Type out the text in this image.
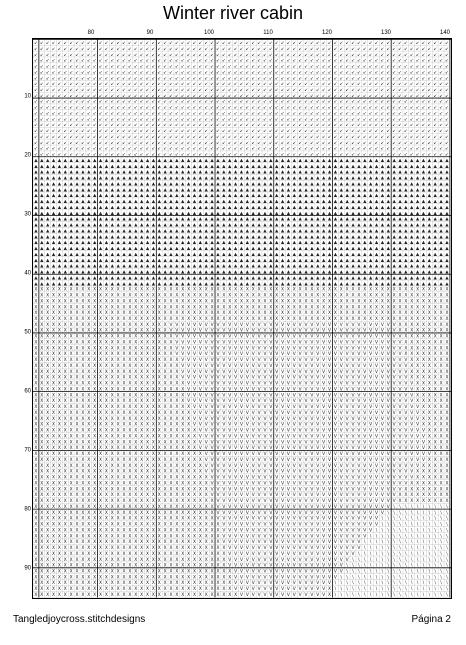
Winter river cabin
80	90	100	110	120	130	140
10
20
30
40
50
60
70
80
90
↙ ↙ ↙ ↙ ↙ ↙ ↙ ↙ ↙ ↙ ↙ ↙ ↙ ↙ ↙ ↙ ↙ ↙ ↙ ↙ ↙ ↙ ↙ ↙ ↙ ↙ ↙ ↙ ↙ ↙ ↙ ↙ ↙ ↙ ↙ ↙ ↙ ↙ ↙ ↙ ↙ ↙ ↙ ↙ ↙ ↙ ↙ ↙ ↙ ↙ ↙ ↙ ↙ ↙ ↙ ↙ ↙ ↙ ↙ ↙ ↙ ↙ ↙ ↙ ↙ ↙ ↙ ↙ ↙ ↙ ↙
↙ ↙ ↙ ↙ ↙ ↙ ↙ ↙ ↙ ↙ ↙ ↙ ↙ ↙ ↙ ↙ ↙ ↙ ↙ ↙ ↙ ↙ ↙ ↙ ↙ ↙ ↙ ↙ ↙ ↙ ↙ ↙ ↙ ↙ ↙ ↙ ↙ ↙ ↙ ↙ ↙ ↙ ↙ ↙ ↙ ↙ ↙ ↙ ↙ ↙ ↙ ↙ ↙ ↙ ↙ ↙ ↙ ↙ ↙ ↙ ↙ ↙ ↙ ↙ ↙ ↙ ↙ ↙ ↙ ↙ ↙
↙ ↙ ↙ ↙ ↙ ↙ ↙ ↙ ↙ ↙ ↙ ↙ ↙ ↙ ↙ ↙ ↙ ↙ ↙ ↙ ↙ ↙ ↙ ↙ ↙ ↙ ↙ ↙ ↙ ↙ ↙ ↙ ↙ ↙ ↙ ↙ ↙ ↙ ↙ ↙ ↙ ↙ ↙ ↙ ↙ ↙ ↙ ↙ ↙ ↙ ↙ ↙ ↙ ↙ ↙ ↙ ↙ ↙ ↙ ↙ ↙ ↙ ↙ ↙ ↙ ↙ ↙ ↙ ↙ ↙ ↙
↙ ↙ ↙ ↙ ↙ ↙ ↙ ↙ ↙ ↙ ↙ ↙ ↙ ↙ ↙ ↙ ↙ ↙ ↙ ↙ ↙ ↙ ↙ ↙ ↙ ↙ ↙ ↙ ↙ ↙ ↙ ↙ ↙ ↙ ↙ ↙ ↙ ↙ ↙ ↙ ↙ ↙ ↙ ↙ ↙ ↙ ↙ ↙ ↙ ↙ ↙ ↙ ↙ ↙ ↙ ↙ ↙ ↙ ↙ ↙ ↙ ↙ ↙ ↙ ↙ ↙ ↙ ↙ ↙ ↙ ↙
↙ ↙ ↙ ↙ ↙ ↙ ↙ ↙ ↙ ↙ ↙ ↙ ↙ ↙ ↙ ↙ ↙ ↙ ↙ ↙ ↙ ↙ ↙ ↙ ↙ ↙ ↙ ↙ ↙ ↙ ↙ ↙ ↙ ↙ ↙ ↙ ↙ ↙ ↙ ↙ ↙ ↙ ↙ ↙ ↙ ↙ ↙ ↙ ↙ ↙ ↙ ↙ ↙ ↙ ↙ ↙ ↙ ↙ ↙ ↙ ↙ ↙ ↙ ↙ ↙ ↙ ↙ ↙ ↙ ↙ ↙
↙ ↙ ↙ ↙ ↙ ↙ ↙ ↙ ↙ ↙ ↙ ↙ ↙ ↙ ↙ ↙ ↙ ↙ ↙ ↙ ↙ ↙ ↙ ↙ ↙ ↙ ↙ ↙ ↙ ↙ ↙ ↙ ↙ ↙ ↙ ↙ ↙ ↙ ↙ ↙ ↙ ↙ ↙ ↙ ↙ ↙ ↙ ↙ ↙ ↙ ↙ ↙ ↙ ↙ ↙ ↙ ↙ ↙ ↙ ↙ ↙ ↙ ↙ ↙ ↙ ↙ ↙ ↙ ↙ ↙ ↙
↙ ↙ ↙ ↙ ↙ ↙ ↙ ↙ ↙ ↙ ↙ ↙ ↙ ↙ ↙ ↙ ↙ ↙ ↙ ↙ ↙ ↙ ↙ ↙ ↙ ↙ ↙ ↙ ↙ ↙ ↙ ↙ ↙ ↙ ↙ ↙ ↙ ↙ ↙ ↙ ↙ ↙ ↙ ↙ ↙ ↙ ↙ ↙ ↙ ↙ ↙ ↙ ↙ ↙ ↙ ↙ ↙ ↙ ↙ ↙ ↙ ↙ ↙ ↙ ↙ ↙ ↙ ↙ ↙ ↙ ↙
↙ ↙ ↙ ↙ ↙ ↙ ↙ ↙ ↙ ↙ ↙ ↙ ↙ ↙ ↙ ↙ ↙ ↙ ↙ ↙ ↙ ↙ ↙ ↙ ↙ ↙ ↙ ↙ ↙ ↙ ↙ ↙ ↙ ↙ ↙ ↙ ↙ ↙ ↙ ↙ ↙ ↙ ↙ ↙ ↙ ↙ ↙ ↙ ↙ ↙ ↙ ↙ ↙ ↙ ↙ ↙ ↙ ↙ ↙ ↙ ↙ ↙ ↙ ↙ ↙ ↙ ↙ ↙ ↙ ↙ ↙
↙ ↙ ↙ ↙ ↙ ↙ ↙ ↙ ↙ ↙ ↙ ↙ ↙ ↙ ↙ ↙ ↙ ↙ ↙ ↙ ↙ ↙ ↙ ↙ ↙ ↙ ↙ ↙ ↙ ↙ ↙ ↙ ↙ ↙ ↙ ↙ ↙ ↙ ↙ ↙ ↙ ↙ ↙ ↙ ↙ ↙ ↙ ↙ ↙ ↙ ↙ ↙ ↙ ↙ ↙ ↙ ↙ ↙ ↙ ↙ ↙ ↙ ↙ ↙ ↙ ↙ ↙ ↙ ↙ ↙ ↙
↙ ↙ ↙ ↙ ↙ ↙ ↙ ↙ ↙ ↙ ↙ ↙ ↙ ↙ ↙ ↙ ↙ ↙ ↙ ↙ ↙ ↙ ↙ ↙ ↙ ↙ ↙ ↙ ↙ ↙ ↙ ↙ ↙ ↙ ↙ ↙ ↙ ↙ ↙ ↙ ↙ ↙ ↙ ↙ ↙ ↙ ↙ ↙ ↙ ↙ ↙ ↙ ↙ ↙ ↙ ↙ ↙ ↙ ↙ ↙ ↙ ↙ ↙ ↙ ↙ ↙ ↙ ↙ ↙ ↙ ↙
↙ ↙ ↙ ↙ ↙ ↙ ↙ ↙ ↙ ↙ ↙ ↙ ↙ ↙ ↙ ↙ ↙ ↙ ↙ ↙ ↙ ↙ ↙ ↙ ↙ ↙ ↙ ↙ ↙ ↙ ↙ ↙ ↙ ↙ ↙ ↙ ↙ ↙ ↙ ↙ ↙ ↙ ↙ ↙ ↙ ↙ ↙ ↙ ↙ ↙ ↙ ↙ ↙ ↙ ↙ ↙ ↙ ↙ ↙ ↙ ↙ ↙ ↙ ↙ ↙ ↙ ↙ ↙ ↙ ↙ ↙
↙ ↙ ↙ ↙ ↙ ↙ ↙ ↙ ↙ ↙ ↙ ↙ ↙ ↙ ↙ ↙ ↙ ↙ ↙ ↙ ↙ ↙ ↙ ↙ ↙ ↙ ↙ ↙ ↙ ↙ ↙ ↙ ↙ ↙ ↙ ↙ ↙ ↙ ↙ ↙ ↙ ↙ ↙ ↙ ↙ ↙ ↙ ↙ ↙ ↙ ↙ ↙ ↙ ↙ ↙ ↙ ↙ ↙ ↙ ↙ ↙ ↙ ↙ ↙ ↙ ↙ ↙ ↙ ↙ ↙ ↙
↙ ↙ ↙ ↙ ↙ ↙ ↙ ↙ ↙ ↙ ↙ ↙ ↙ ↙ ↙ ↙ ↙ ↙ ↙ ↙ ↙ ↙ ↙ ↙ ↙ ↙ ↙ ↙ ↙ ↙ ↙ ↙ ↙ ↙ ↙ ↙ ↙ ↙ ↙ ↙ ↙ ↙ ↙ ↙ ↙ ↙ ↙ ↙ ↙ ↙ ↙ ↙ ↙ ↙ ↙ ↙ ↙ ↙ ↙ ↙ ↙ ↙ ↙ ↙ ↙ ↙ ↙ ↙ ↙ ↙ ↙
↙ ↙ ↙ ↙ ↙ ↙ ↙ ↙ ↙ ↙ ↙ ↙ ↙ ↙ ↙ ↙ ↙ ↙ ↙ ↙ ↙ ↙ ↙ ↙ ↙ ↙ ↙ ↙ ↙ ↙ ↙ ↙ ↙ ↙ ↙ ↙ ↙ ↙ ↙ ↙ ↙ ↙ ↙ ↙ ↙ ↙ ↙ ↙ ↙ ↙ ↙ ↙ ↙ ↙ ↙ ↙ ↙ ↙ ↙ ↙ ↙ ↙ ↙ ↙ ↙ ↙ ↙ ↙ ↙ ↙ ↙
↙ ↙ ↙ ↙ ↙ ↙ ↙ ↙ ↙ ↙ ↙ ↙ ↙ ↙ ↙ ↙ ↙ ↙ ↙ ↙ ↙ ↙ ↙ ↙ ↙ ↙ ↙ ↙ ↙ ↙ ↙ ↙ ↙ ↙ ↙ ↙ ↙ ↙ ↙ ↙ ↙ ↙ ↙ ↙ ↙ ↙ ↙ ↙ ↙ ↙ ↙ ↙ ↙ ↙ ↙ ↙ ↙ ↙ ↙ ↙ ↙ ↙ ↙ ↙ ↙ ↙ ↙ ↙ ↙ ↙ ↙
↙ ↙ ↙ ↙ ↙ ↙ ↙ ↙ ↙ ↙ ↙ ↙ ↙ ↙ ↙ ↙ ↙ ↙ ↙ ↙ ↙ ↙ ↙ ↙ ↙ ↙ ↙ ↙ ↙ ↙ ↙ ↙ ↙ ↙ ↙ ↙ ↙ ↙ ↙ ↙ ↙ ↙ ↙ ↙ ↙ ↙ ↙ ↙ ↙ ↙ ↙ ↙ ↙ ↙ ↙ ↙ ↙ ↙ ↙ ↙ ↙ ↙ ↙ ↙ ↙ ↙ ↙ ↙ ↙ ↙ ↙
↙ ↙ ↙ ↙ ↙ ↙ ↙ ↙ ↙ ↙ ↙ ↙ ↙ ↙ ↙ ↙ ↙ ↙ ↙ ↙ ↙ ↙ ↙ ↙ ↙ ↙ ↙ ↙ ↙ ↙ ↙ ↙ ↙ ↙ ↙ ↙ ↙ ↙ ↙ ↙ ↙ ↙ ↙ ↙ ↙ ↙ ↙ ↙ ↙ ↙ ↙ ↙ ↙ ↙ ↙ ↙ ↙ ↙ ↙ ↙ ↙ ↙ ↙ ↙ ↙ ↙ ↙ ↙ ↙ ↙ ↙
↙ ↙ ↙ ↙ ↙ ↙ ↙ ↙ ↙ ↙ ↙ ↙ ↙ ↙ ↙ ↙ ↙ ↙ ↙ ↙ ↙ ↙ ↙ ↙ ↙ ↙ ↙ ↙ ↙ ↙ ↙ ↙ ↙ ↙ ↙ ↙ ↙ ↙ ↙ ↙ ↙ ↙ ↙ ↙ ↙ ↙ ↙ ↙ ↙ ↙ ↙ ↙ ↙ ↙ ↙ ↙ ↙ ↙ ↙ ↙ ↙ ↙ ↙ ↙ ↙ ↙ ↙ ↙ ↙ ↙ ↙
↙ ↙ ↙ ↙ ↙ ↙ ↙ ↙ ↙ ↙ ↙ ↙ ↙ ↙ ↙ ↙ ↙ ↙ ↙ ↙ ↙ ↙ ↙ ↙ ↙ ↙ ↙ ↙ ↙ ↙ ↙ ↙ ↙ ↙ ↙ ↙ ↙ ↙ ↙ ↙ ↙ ↙ ↙ ↙ ↙ ↙ ↙ ↙ ↙ ↙ ↙ ↙ ↙ ↙ ↙ ↙ ↙ ↙ ↙ ↙ ↙ ↙ ↙ ↙ ↙ ↙ ↙ ↙ ↙ ↙ ↙
↙ ↙ ↙ ↙ ↙ ↙ ↙ ↙ ↙ ↙ ↙ ↙ ↙ ↙ ↙ ↙ ↙ ↙ ↙ ↙ ↙ ↙ ↙ ↙ ↙ ↙ ↙ ↙ ↙ ↙ ↙ ↙ ↙ ↙ ↙ ↙ ↙ ↙ ↙ ↙ ↙ ↙ ↙ ↙ ↙ ↙ ↙ ↙ ↙ ↙ ↙ ↙ ↙ ↙ ↙ ↙ ↙ ↙ ↙ ↙ ↙ ↙ ↙ ↙ ↙ ↙ ↙ ↙ ↙ ↙ ↙
▲ ▲ ▲ ▲ ▲ ▲ ▲ ▲ ▲ ▲ ▲ ▲ ▲ ▲ ▲ ▲ ▲ ▲ ▲ ▲ ▲ ▲ ▲ ▲ ▲ ▲ ▲ ▲ ▲ ▲ ▲ ▲ ▲ ▲ ▲ ▲ ▲ ▲ ▲ ▲ ▲ ▲ ▲ ▲ ▲ ▲ ▲ ▲ ▲ ▲ ▲ ▲ ▲ ▲ ▲ ▲ ▲ ▲ ▲ ▲ ▲ ▲ ▲ ▲ ▲ ▲ ▲ ▲ ▲ ▲ ▲
▲ ▲ ▲ ▲ ▲ ▲ ▲ ▲ ▲ ▲ ▲ ▲ ▲ ▲ ▲ ▲ ▲ ▲ ▲ ▲ ▲ ▲ ▲ ▲ ▲ ▲ ▲ ▲ ▲ ▲ ▲ ▲ ▲ ▲ ▲ ▲ ▲ ▲ ▲ ▲ ▲ ▲ ▲ ▲ ▲ ▲ ▲ ▲ ▲ ▲ ▲ ▲ ▲ ▲ ▲ ▲ ▲ ▲ ▲ ▲ ▲ ▲ ▲ ▲ ▲ ▲ ▲ ▲ ▲ ▲ ▲
▲ ▲ ▲ ▲ ▲ ▲ ▲ ▲ ▲ ▲ ▲ ▲ ▲ ▲ ▲ ▲ ▲ ▲ ▲ ▲ ▲ ▲ ▲ ▲ ▲ ▲ ▲ ▲ ▲ ▲ ▲ ▲ ▲ ▲ ▲ ▲ ▲ ▲ ▲ ▲ ▲ ▲ ▲ ▲ ▲ ▲ ▲ ▲ ▲ ▲ ▲ ▲ ▲ ▲ ▲ ▲ ▲ ▲ ▲ ▲ ▲ ▲ ▲ ▲ ▲ ▲ ▲ ▲ ▲ ▲ ▲
▲ ▲ ▲ ▲ ▲ ▲ ▲ ▲ ▲ ▲ ▲ ▲ ▲ ▲ ▲ ▲ ▲ ▲ ▲ ▲ ▲ ▲ ▲ ▲ ▲ ▲ ▲ ▲ ▲ ▲ ▲ ▲ ▲ ▲ ▲ ▲ ▲ ▲ ▲ ▲ ▲ ▲ ▲ ▲ ▲ ▲ ▲ ▲ ▲ ▲ ▲ ▲ ▲ ▲ ▲ ▲ ▲ ▲ ▲ ▲ ▲ ▲ ▲ ▲ ▲ ▲ ▲ ▲ ▲ ▲ ▲
▲ ▲ ▲ ▲ ▲ ▲ ▲ ▲ ▲ ▲ ▲ ▲ ▲ ▲ ▲ ▲ ▲ ▲ ▲ ▲ ▲ ▲ ▲ ▲ ▲ ▲ ▲ ▲ ▲ ▲ ▲ ▲ ▲ ▲ ▲ ▲ ▲ ▲ ▲ ▲ ▲ ▲ ▲ ▲ ▲ ▲ ▲ ▲ ▲ ▲ ▲ ▲ ▲ ▲ ▲ ▲ ▲ ▲ ▲ ▲ ▲ ▲ ▲ ▲ ▲ ▲ ▲ ▲ ▲ ▲ ▲
▲ ▲ ▲ ▲ ▲ ▲ ▲ ▲ ▲ ▲ ▲ ▲ ▲ ▲ ▲ ▲ ▲ ▲ ▲ ▲ ▲ ▲ ▲ ▲ ▲ ▲ ▲ ▲ ▲ ▲ ▲ ▲ ▲ ▲ ▲ ▲ ▲ ▲ ▲ ▲ ▲ ▲ ▲ ▲ ▲ ▲ ▲ ▲ ▲ ▲ ▲ ▲ ▲ ▲ ▲ ▲ ▲ ▲ ▲ ▲ ▲ ▲ ▲ ▲ ▲ ▲ ▲ ▲ ▲ ▲ ▲
▲ ▲ ▲ ▲ ▲ ▲ ▲ ▲ ▲ ▲ ▲ ▲ ▲ ▲ ▲ ▲ ▲ ▲ ▲ ▲ ▲ ▲ ▲ ▲ ▲ ▲ ▲ ▲ ▲ ▲ ▲ ▲ ▲ ▲ ▲ ▲ ▲ ▲ ▲ ▲ ▲ ▲ ▲ ▲ ▲ ▲ ▲ ▲ ▲ ▲ ▲ ▲ ▲ ▲ ▲ ▲ ▲ ▲ ▲ ▲ ▲ ▲ ▲ ▲ ▲ ▲ ▲ ▲ ▲ ▲ ▲
▲ ▲ ▲ ▲ ▲ ▲ ▲ ▲ ▲ ▲ ▲ ▲ ▲ ▲ ▲ ▲ ▲ ▲ ▲ ▲ ▲ ▲ ▲ ▲ ▲ ▲ ▲ ▲ ▲ ▲ ▲ ▲ ▲ ▲ ▲ ▲ ▲ ▲ ▲ ▲ ▲ ▲ ▲ ▲ ▲ ▲ ▲ ▲ ▲ ▲ ▲ ▲ ▲ ▲ ▲ ▲ ▲ ▲ ▲ ▲ ▲ ▲ ▲ ▲ ▲ ▲ ▲ ▲ ▲ ▲ ▲
▲ ▲ ▲ ▲ ▲ ▲ ▲ ▲ ▲ ▲ ▲ ▲ ▲ ▲ ▲ ▲ ▲ ▲ ▲ ▲ ▲ ▲ ▲ ▲ ▲ ▲ ▲ ▲ ▲ ▲ ▲ ▲ ▲ ▲ ▲ ▲ ▲ ▲ ▲ ▲ ▲ ▲ ▲ ▲ ▲ ▲ ▲ ▲ ▲ ▲ ▲ ▲ ▲ ▲ ▲ ▲ ▲ ▲ ▲ ▲ ▲ ▲ ▲ ▲ ▲ ▲ ▲ ▲ ▲ ▲ ▲
▲ ▲ ▲ ▲ ▲ ▲ ▲ ▲ ▲ ▲ ▲ ▲ ▲ ▲ ▲ ▲ ▲ ▲ ▲ ▲ ▲ ▲ ▲ ▲ ▲ ▲ ▲ ▲ ▲ ▲ ▲ ▲ ▲ ▲ ▲ ▲ ▲ ▲ ▲ ▲ ▲ ▲ ▲ ▲ ▲ ▲ ▲ ▲ ▲ ▲ ▲ ▲ ▲ ▲ ▲ ▲ ▲ ▲ ▲ ▲ ▲ ▲ ▲ ▲ ▲ ▲ ▲ ▲ ▲ ▲ ▲
▲ ▲ ▲ ▲ ▲ ▲ ▲ ▲ ▲ ▲ ▲ ▲ ▲ ▲ ▲ ▲ ▲ ▲ ▲ ▲ ▲ ▲ ▲ ▲ ▲ ▲ ▲ ▲ ▲ ▲ ▲ ▲ ▲ ▲ ▲ ▲ ▲ ▲ ▲ ▲ ▲ ▲ ▲ ▲ ▲ ▲ ▲ ▲ ▲ ▲ ▲ ▲ ▲ ▲ ▲ ▲ ▲ ▲ ▲ ▲ ▲ ▲ ▲ ▲ ▲ ▲ ▲ ▲ ▲ ▲ ▲
▲ ▲ ▲ ▲ ▲ ▲ ▲ ▲ ▲ ▲ ▲ ▲ ▲ ▲ ▲ ▲ ▲ ▲ ▲ ▲ ▲ ▲ ▲ ▲ ▲ ▲ ▲ ▲ ▲ ▲ ▲ ▲ ▲ ▲ ▲ ▲ ▲ ▲ ▲ ▲ ▲ ▲ ▲ ▲ ▲ ▲ ▲ ▲ ▲ ▲ ▲ ▲ ▲ ▲ ▲ ▲ ▲ ▲ ▲ ▲ ▲ ▲ ▲ ▲ ▲ ▲ ▲ ▲ ▲ ▲ ▲
▲ ▲ ▲ ▲ ▲ ▲ ▲ ▲ ▲ ▲ ▲ ▲ ▲ ▲ ▲ ▲ ▲ ▲ ▲ ▲ ▲ ▲ ▲ ▲ ▲ ▲ ▲ ▲ ▲ ▲ ▲ ▲ ▲ ▲ ▲ ▲ ▲ ▲ ▲ ▲ ▲ ▲ ▲ ▲ ▲ ▲ ▲ ▲ ▲ ▲ ▲ ▲ ▲ ▲ ▲ ▲ ▲ ▲ ▲ ▲ ▲ ▲ ▲ ▲ ▲ ▲ ▲ ▲ ▲ ▲ ▲
▲ ▲ ▲ ▲ ▲ ▲ ▲ ▲ ▲ ▲ ▲ ▲ ▲ ▲ ▲ ▲ ▲ ▲ ▲ ▲ ▲ ▲ ▲ ▲ ▲ ▲ ▲ ▲ ▲ ▲ ▲ ▲ ▲ ▲ ▲ ▲ ▲ ▲ ▲ ▲ ▲ ▲ ▲ ▲ ▲ ▲ ▲ ▲ ▲ ▲ ▲ ▲ ▲ ▲ ▲ ▲ ▲ ▲ ▲ ▲ ▲ ▲ ▲ ▲ ▲ ▲ ▲ ▲ ▲ ▲ ▲
▲ ▲ ▲ ▲ ▲ ▲ ▲ ▲ ▲ ▲ ▲ ▲ ▲ ▲ ▲ ▲ ▲ ▲ ▲ ▲ ▲ ▲ ▲ ▲ ▲ ▲ ▲ ▲ ▲ ▲ ▲ ▲ ▲ ▲ ▲ ▲ ▲ ▲ ▲ ▲ ▲ ▲ ▲ ▲ ▲ ▲ ▲ ▲ ▲ ▲ ▲ ▲ ▲ ▲ ▲ ▲ ▲ ▲ ▲ ▲ ▲ ▲ ▲ ▲ ▲ ▲ ▲ ▲ ▲ ▲ ▲
▲ ▲ ▲ ▲ ▲ ▲ ▲ ▲ ▲ ▲ ▲ ▲ ▲ ▲ ▲ ▲ ▲ ▲ ▲ ▲ ▲ ▲ ▲ ▲ ▲ ▲ ▲ ▲ ▲ ▲ ▲ ▲ ▲ ▲ ▲ ▲ ▲ ▲ ▲ ▲ ▲ ▲ ▲ ▲ ▲ ▲ ▲ ▲ ▲ ▲ ▲ ▲ ▲ ▲ ▲ ▲ ▲ ▲ ▲ ▲ ▲ ▲ ▲ ▲ ▲ ▲ ▲ ▲ ▲ ▲ ▲
▲ ▲ ▲ ▲ ▲ ▲ ▲ ▲ ▲ ▲ ▲ ▲ ▲ ▲ ▲ ▲ ▲ ▲ ▲ ▲ ▲ ▲ ▲ ▲ ▲ ▲ ▲ ▲ ▲ ▲ ▲ ▲ ▲ ▲ ▲ ▲ ▲ ▲ ▲ ▲ ▲ ▲ ▲ ▲ ▲ ▲ ▲ ▲ ▲ ▲ ▲ ▲ ▲ ▲ ▲ ▲ ▲ ▲ ▲ ▲ ▲ ▲ ▲ ▲ ▲ ▲ ▲ ▲ ▲ ▲ ▲
▲ ▲ ▲ ▲ ▲ ▲ ▲ ▲ ▲ ▲ ▲ ▲ ▲ ▲ ▲ ▲ ▲ ▲ ▲ ▲ ▲ ▲ ▲ ▲ ▲ ▲ ▲ ▲ ▲ ▲ ▲ ▲ ▲ ▲ ▲ ▲ ▲ ▲ ▲ ▲ ▲ ▲ ▲ ▲ ▲ ▲ ▲ ▲ ▲ ▲ ▲ ▲ ▲ ▲ ▲ ▲ ▲ ▲ ▲ ▲ ▲ ▲ ▲ ▲ ▲ ▲ ▲ ▲ ▲ ▲ ▲
▲ ▲ ▲ ▲ ▲ ▲ ▲ ▲ ▲ ▲ ▲ ▲ ▲ ▲ ▲ ▲ ▲ ▲ ▲ ▲ ▲ ▲ ▲ ▲ ▲ ▲ ▲ ▲ ▲ ▲ ▲ ▲ ▲ ▲ ▲ ▲ ▲ ▲ ▲ ▲ ▲ ▲ ▲ ▲ ▲ ▲ ▲ ▲ ▲ ▲ ▲ ▲ ▲ ▲ ▲ ▲ ▲ ▲ ▲ ▲ ▲ ▲ ▲ ▲ ▲ ▲ ▲ ▲ ▲ ▲ ▲
▲ ▲ ▲ ▲ ▲ ▲ ▲ ▲ ▲ ▲ ▲ ▲ ▲ ▲ ▲ ▲ ▲ ▲ ▲ ▲ ▲ ▲ ▲ ▲ ▲ ▲ ▲ ▲ ▲ ▲ ▲ ▲ ▲ ▲ ▲ ▲ ▲ ▲ ▲ ▲ ▲ ▲ ▲ ▲ ▲ ▲ ▲ ▲ ▲ ▲ ▲ ▲ ▲ ▲ ▲ ▲ ▲ ▲ ▲ ▲ ▲ ▲ ▲ ▲ ▲ ▲ ▲ ▲ ▲ ▲ ▲
▲ ▲ ▲ ▲ ▲ ▲ ▲ ▲ ▲ ▲ ▲ ▲ ▲ ▲ ▲ ▲ ▲ ▲ ▲ ▲ ▲ ▲ ▲ ▲ ▲ ▲ ▲ ▲ ▲ ▲ ▲ ▲ ▲ ▲ ▲ ▲ ▲ ▲ ▲ ▲ ▲ ▲ ▲ ▲ ▲ ▲ ▲ ▲ ▲ ▲ ▲ ▲ ▲ ▲ ▲ ▲ ▲ ▲ ▲ ▲ ▲ ▲ ▲ ▲ ▲ ▲ ▲ ▲ ▲ ▲ ▲
▲ ▲ ▲ ▲ ▲ ▲ ▲ ▲ ▲ ▲ ▲ ▲ ▲ ▲ ▲ ▲ ▲ ▲ ▲ ▲ ▲ ▲ ▲ ▲ ▲ ▲ ▲ ▲ ▲ ▲ ▲ ▲ ▲ ▲ ▲ ▲ ▲ ▲ ▲ ▲ ▲ ▲ ▲ ▲ ▲ ▲ ▲ ▲ ▲ ▲ ▲ ▲ ▲ ▲ ▲ ▲ ▲ ▲ ▲ ▲ ▲ ▲ ▲ ▲ ▲ ▲ ▲ ▲ ▲ ▲ ▲
X X X X X X X X X X X X X X X X X X X X X X X X X X X X X X X X X X X X X X X X X X X X X X X X X X X X X X X X X X X X X X X X X X X X X X X
X X X X X X X X X X X X X X X X X X X X X X X X X X X X X X X X X X X X X X X X X X X X X X X X X X X X X X X X X X X X X X X X X X X X X X X
X X X X X X X X X X X X X X X X X X X X X X X X X X X X X X X X X X X X X X X X X X X X X X X X X X X X X X X X X X X X X X X X X X X X X X X
X X X X X X X X X X X X X X X X X X X X X X X X X X X X X X X X X X X X X X X X X X X X X X X X X X X X X X X X X X X X X X X X X X X X X X X
X X X X X X X X X X X X X X X X X X X X X X X X X X X X X X X X X X X X X X X X X X X X X X X X X X X X X X X X X X X X X X X X X X X X X X X
X X X X X X X X X X X X X X X X X X X X X X X X X X X X X X X X X X X X X X X X X X X X X X X X X X X X X X X X X X X X X X X X X X X X X X X
X X X X X X X X X X X X X X X X X X X X X X X V V V V V V V V V V V V V V V V V V V V V V V V V V V V V V V V V V V V V V V X X X X X X X X X
X X X X X X X X X X X X X X X X X X X X X X X V V V V V V V V V V V V V V V V V V V V V V V V V V V V V V V V V V V V V V V X X X X X X X X X
X X X X X X X X X X X X X X X X X X X X X X X X V V V V V V V V V V V V V V V V V V V V V V V V V V V V V V V V V V V V V V V X X X X X X X X
X X X X X X X X X X X X X X X X X X X X X X X X V V V V V V V V V V V V V V V V V V V V V V V V V V V V V V V V V V V V V V V X X X X X X X X
X X X X X X X X X X X X X X X X X X X X X X X X V V V V V V V V V V V V V V V V V V V V V V V V V V V V V V V V V V V V V V V X X X X X X X X
X X X X X X X X X X X X X X X X X X X X X X X X V V V V V V V V V V V V V V V V V V V V V V V V V V V V V V V V V V V V V V V X X X X X X X X
X X X X X X X X X X X X X X X X X X X X X X X X X V V V V V V V V V V V V V V V V V V V V V V V V V V V V V V V V V V V V V V V X X X X X X X
X X X X X X X X X X X X X X X X X X X X X X X X X V V V V V V V V V V V V V V V V V V V V V V V V V V V V V V V V V V V V V V V X X X X X X X
X X X X X X X X X X X X X X X X X X X X X X X X X V V V V V V V V V V V V V V V V V V V V V V V V V V V V V V V V V V V V V V V X X X X X X X
X X X X X X X X X X X X X X X X X X X X X X X X X V V V V V V V V V V V V V V V V V V V V V V V V V V V V V V V V V V V V V V V X X X X X X X
X X X X X X X X X X X X X X X X X X X X X X X X X X V V V V V V V V V V V V V V V V V V V V V V V V V V V V V V V V V V V V V V V X X X X X X
X X X X X X X X X X X X X X X X X X X X X X X X X X V V V V V V V V V V V V V V V V V V V V V V V V V V V V V V V V V V V V V V V X X X X X X
X X X X X X X X X X X X X X X X X X X X X X X X X X V V V V V V V V V V V V V V V V V V V V V V V V V V V V V V V V V V V V V V V X X X X X X
X X X X X X X X X X X X X X X X X X X X X X X X X X V V V V V V V V V V V V V V V V V V V V V V V V V V V V V V V V V V V V V V V X X X X X X
X X X X X X X X X X X X X X X X X X X X X X X X X X X V V V V V V V V V V V V V V V V V V V V V V V V V V V V V V V V V V V V V V V X X X X X
X X X X X X X X X X X X X X X X X X X X X X X X X X X V V V V V V V V V V V V V V V V V V V V V V V V V V V V V V V V V V V V V V V X X X X X
X X X X X X X X X X X X X X X X X X X X X X X X X X X V V V V V V V V V V V V V V V V V V V V V V V V V V V V V V V V V V V V V V V X X X X X
X X X X X X X X X X X X X X X X X X X X X X X X X X X V V V V V V V V V V V V V V V V V V V V V V V V V V V V V V V V V V V V V V V X X X X X
X X X X X X X X X X X X X X X X X X X X X X X X X X X X V V V V V V V V V V V V V V V V V V V V V V V V V V V V V V V V V V V V V V V X X X X
X X X X X X X X X X X X X X X X X X X X X X X X X X X X V V V V V V V V V V V V V V V V V V V V V V V V V V V V V V V V V V V V V V V X X X X
X X X X X X X X X X X X X X X X X X X X X X X X X X X X V V V V V V V V V V V V V V V V V V V V V V V V V V V V V V V V V V V V V V V X X X X
X X X X X X X X X X X X X X X X X X X X X X X X X X X X V V V V V V V V V V V V V V V V V V V V V V V V V V V V V V V V V V V V V V V X X X X
X X X X X X X X X X X X X X X X X X X X X X X X X X X X X V V V V V V V V V V V V V V V V V V V V V V V V V V V V V V V V V V V V V V V X X X
X X X X X X X X X X X X X X X X X X X X X X X X X X X X X V V V V V V V V V V V V V V V V V V V V V V V V V V V V V V V V V V V V V V X X X X
X X X X X X X X X X X X X X X X X X X X X X X X X X X X X V V V V V V V V V V V V V V V V V V V V V V V V V V V V V V V V V V V V V X X X X X
X X X X X X X X X X X X X X X X X X X X X X X X X X X X X V V V V V V V V V V V V V V V V V V V V V V V V V V V V V V V V V V V V X X X X X X
X X X X X X X X X X X X X X X X X X X X X X X X X X X X X X V V V V V V V V V V V V V V V V V V V V V V V V V V V V V V V V V V V X X X X X X
X X X X X X X X X X X X X X X X X X X X X X X X X X X X X X V V V V V V V V V V V V V V V V V V V V V V V V V V V V V V V V V V X X X X X X X
X X X X X X X X X X X X X X X X X X X X X X X X X X X X X X V V V V V V V V V V V V V V V V V V V V V V V V V V V V V V V V V X X X X X X X X
X X X X X X X X X X X X X X X X X X X X X X X X X X X X X X V V V V V V V V V V V V V V V V V V V V V V V V V V V V V V V V X X X X X X X X X
X X X X X X X X X X X X X X X X X X X X X X X X X X X X X X X V V V V V V V V V V V V V V V V V V V V V V V V V V V V V V V X X X X X X X X X
X X X X X X X X X X X X X X X X X X X X X X X X X X X X X X X V V V V V V V V V V V V V V V V V V V V V V V V V V V V V V \ \ \ \ \ \ \ \ \ \
X X X X X X X X X X X X X X X X X X X X X X X X X X X X X X X V V V V V V V V V V V V V V V V V V V V V V V V V V V V V \ \ \ \ \ \ \ \ \ \ \
X X X X X X X X X X X X X X X X X X X X X X X X X X X X X X X V V V V V V V V V V V V V V V V V V V V V V V V V V V V \ \ \ \ \ \ \ \ \ \ \ \
X X X X X X X X X X X X X X X X X X X X X X X X X X X X X X X X V V V V V V V V V V V V V V V V V V V V V V V V V V V \ \ \ \ \ \ \ \ \ \ \ \
X X X X X X X X X X X X X X X X X X X X X X X X X X X X X X X X V V V V V V V V V V V V V V V V V V V V V V V V V V \ \ \ \ \ \ \ \ \ \ \ \ \
X X X X X X X X X X X X X X X X X X X X X X X X X X X X X X X X V V V V V V V V V V V V V V V V V V V V V V V V V \ \ \ \ \ \ \ \ \ \ \ \ \ \
X X X X X X X X X X X X X X X X X X X X X X X X X X X X X X X X V V V V V V V V V V V V V V V V V V V V V V V V \ \ \ \ \ \ \ \ \ \ \ \ \ \ \
X X X X X X X X X X X X X X X X X X X X X X X X X X X X X X X X X V V V V V V V V V V V V V V V V V V V V V V V \ \ \ \ \ \ \ \ \ \ \ \ \ \ \
X X X X X X X X X X X X X X X X X X X X X X X X X X X X X X X X X V V V V V V V V V V V V V V V V V V V V V V \ \ \ \ \ \ \ \ \ \ \ \ \ \ \ \
X X X X X X X X X X X X X X X X X X X X X X X X X X X X X X X X X V V V V V V V V V V V V V V V V V V V V V \ \ \ \ \ \ \ \ \ \ \ \ \ \ \ \ \
X X X X X X X X X X X X X X X X X X X X X X X X X X X X X X X X X V V V V V V V V V V V V V V V V V V V V \ \ \ \ \ \ \ \ \ \ \ \ \ \ \ \ \ \
X X X X X X X X X X X X X X X X X X X X X X X X X X X X X X X X X X V V V V V V V V V V V V V V V V V V V \ \ \ \ \ \ \ \ \ \ \ \ \ \ \ \ \ \
X X X X X X X X X X X X X X X X X X X X X X X X X X X X X X X X X X V V V V V V V V V V V V V V V V V V \ \ \ \ \ \ \ \ \ \ \ \ \ \ \ \ \ \ \
X X X X X X X X X X X X X X X X X X X X X X X X X X X X X X X X X X V V V V V V V V V V V V V V V V V \ \ \ \ \ \ \ \ \ \ \ \ \ \ \ \ \ \ \ \
X X X X X X X X X X X X X X X X X X X X X X X X X X X X X X X X X X V V V V V V V V V V V V V V V V X \ \ \ \ \ \ \ \ \ \ \ \ \ \ \ \ \ \ \ \
X X X X X X X X X X X X X X X X X X X X X X X X X X X X X X X X X X X V V V V V V V V V V V V V V V X \ \ \ \ \ \ \ \ \ \ \ \ \ \ \ \ \ \ \ \
Tangledjoycross.stitchdesigns	Página 2
